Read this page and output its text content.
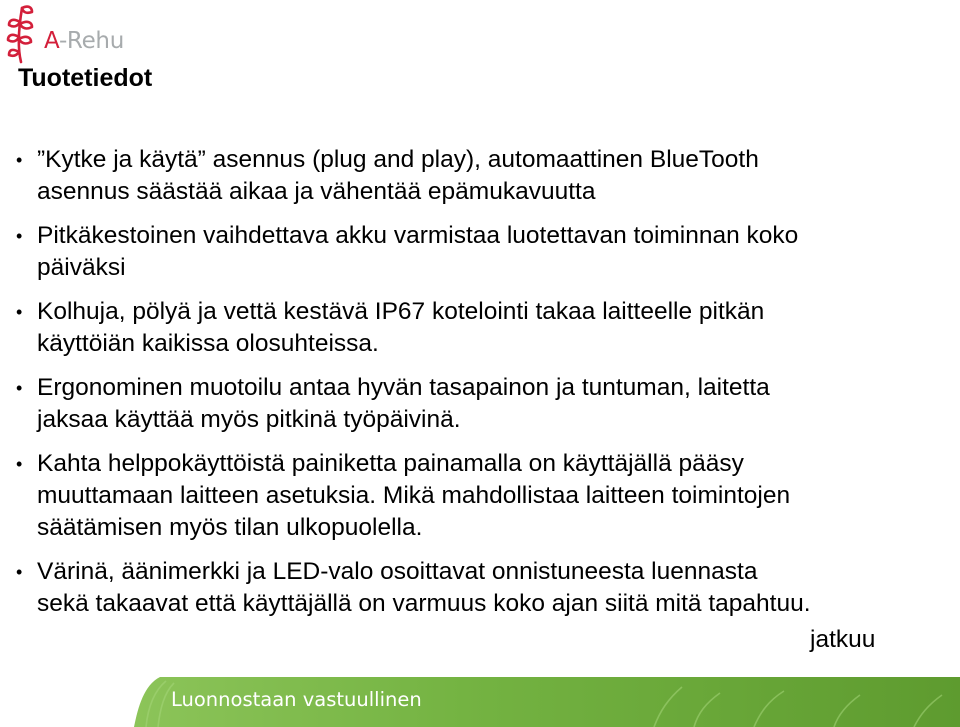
A-Rehu
Tuotetiedot
• ”Kytke ja käytä” asennus (plug and play), automaattinen BlueTooth
asennus säästää aikaa ja vähentää epämukavuutta
• Pitkäkestoinen vaihdettava akku varmistaa luotettavan toiminnan koko
päiväksi
• Kolhuja, pölyä ja vettä kestävä IP67 kotelointi takaa laitteelle pitkän
käyttöiän kaikissa olosuhteissa.
• Ergonominen muotoilu antaa hyvän tasapainon ja tuntuman, laitetta
jaksaa käyttää myös pitkinä työpäivinä.
• Kahta helppokäyttöistä painiketta painamalla on käyttäjällä pääsy
muuttamaan laitteen asetuksia. Mikä mahdollistaa laitteen toimintojen
säätämisen myös tilan ulkopuolella.
• Värinä, äänimerkki ja LED-valo osoittavat onnistuneesta luennasta
sekä takaavat että käyttäjällä on varmuus koko ajan siitä mitä tapahtuu.
jatkuu
Luonnostaan vastuullinen
